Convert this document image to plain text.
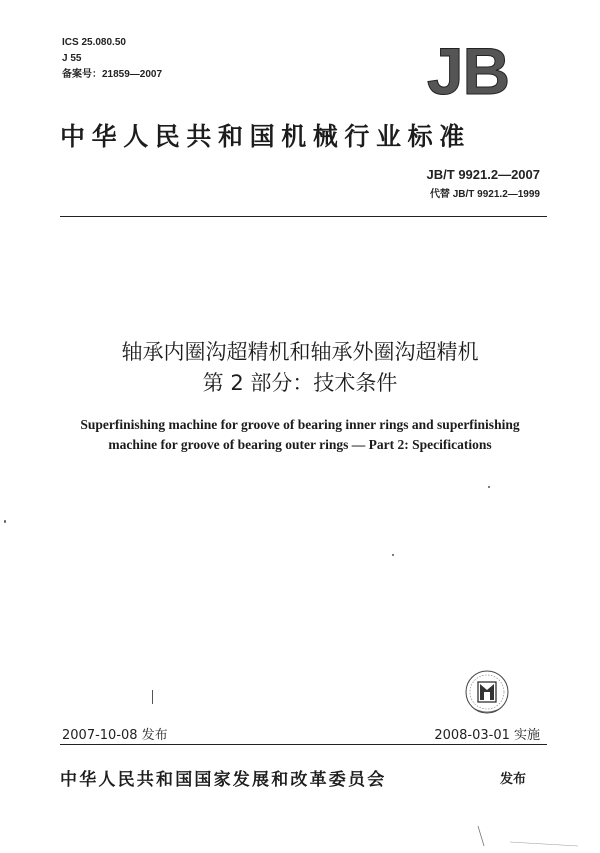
ICS 25.080.50
J 55
备案号：21859—2007	JB
中华人民共和国机械行业标准
JB/T 9921.2—2007
代替 JB/T 9921.2—1999
轴承内圈沟超精机和轴承外圈沟超精机
第 2 部分：技术条件
Superfinishing machine for groove of bearing inner rings and superfinishing
machine for groove of bearing outer rings — Part 2: Specifications
2007-10-08 发布	2008-03-01 实施
中华人民共和国国家发展和改革委员会	发布
